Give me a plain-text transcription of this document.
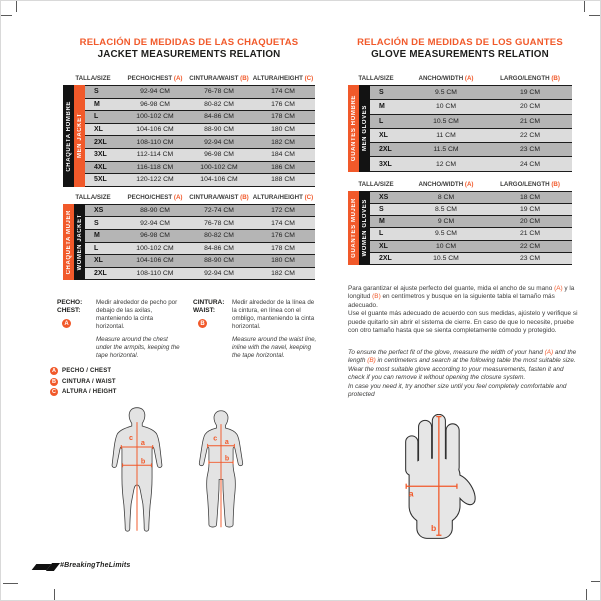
RELACIÓN DE MEDIDAS DE LAS CHAQUETAS
JACKET MEASUREMENTS RELATION
TALLA/SIZE	PECHO/CHEST (A)	CINTURA/WAIST (B) ALTURA/HEIGHT (C)
CHAQUETA HOMBRE MEN JACKET
S	92-94 CM	76-78 CM	174 CM
M	96-98 CM	80-82 CM	176 CM
L	100-102 CM	84-86 CM	178 CM
XL	104-106 CM	88-90 CM	180 CM
2XL	108-110 CM	92-94 CM	182 CM
3XL	112-114 CM	96-98 CM	184 CM
4XL	116-118 CM	100-102 CM	186 CM
5XL	120-122 CM	104-106 CM	188 CM
TALLA/SIZE	PECHO/CHEST (A)	CINTURA/WAIST (B) ALTURA/HEIGHT (C)
CHAQUETA MUJER WOMEN JACKET
XS	88-90 CM	72-74 CM	172 CM
S	92-94 CM	76-78 CM	174 CM
M	96-98 CM	80-82 CM	176 CM
L	100-102 CM	84-86 CM	178 CM
XL	104-106 CM	88-90 CM	180 CM
2XL	108-110 CM	92-94 CM	182 CM
PECHO:
CHEST:
A
Medir alrededor de pecho por debajo de las axilas, manteniendo la cinta horizontal.
Measure around the chest under the armpits, keeping the tape horizontal.
CINTURA:
WAIST:
B
Medir alrededor de la línea de la cintura, en línea con el ombligo, manteniendo la cinta horizontal.
Measure around the waist line, inline with the navel, keeping the tape horizontal.
A	PECHO / CHEST
B	CINTURA / WAIST
C	ALTURA / HEIGHT
c
a
b
c a
b
RELACIÓN DE MEDIDAS DE LOS GUANTES
GLOVE MEASUREMENTS RELATION
TALLA/SIZE	ANCHO/WIDTH (A)	LARGO/LENGTH (B)
GUANTES HOMBRE MEN GLOVES
S	9.5 CM	19 CM
M	10 CM	20 CM
L	10.5 CM	21 CM
XL	11 CM	22 CM
2XL	11.5 CM	23 CM
3XL	12 CM	24 CM
TALLA/SIZE	ANCHO/WIDTH (A)	LARGO/LENGTH (B)
GUANTES MUJER WOMEN GLOVES
XS	8 CM	18 CM
S	8.5 CM	19 CM
M	9 CM	20 CM
L	9.5 CM	21 CM
XL	10 CM	22 CM
2XL	10.5 CM	23 CM

Para garantizar el ajuste perfecto del guante, mida el ancho de su mano (A) y la longitud (B) en centímetros y busque en la siguiente tabla el tamaño más adecuado.

Use el guante más adecuado de acuerdo con sus medidas, ajústelo y verifique si puede quitarlo sin abrir el sistema de cierre. En caso de que lo necesite, pruebe con otro tamaño hasta que se sienta completamente cómodo y protegido.

To ensure the perfect fit of the glove, measure the width of your hand (A) and the length (B) in centimeters and search at the following table the most suitable size. Wear the most suitable glove according to your measurements, fasten it and check if you can remove it without opening the closure system.

In case you need it, try another size until you feel completely comfortable and protected

a
b
#BreakingTheLimits
